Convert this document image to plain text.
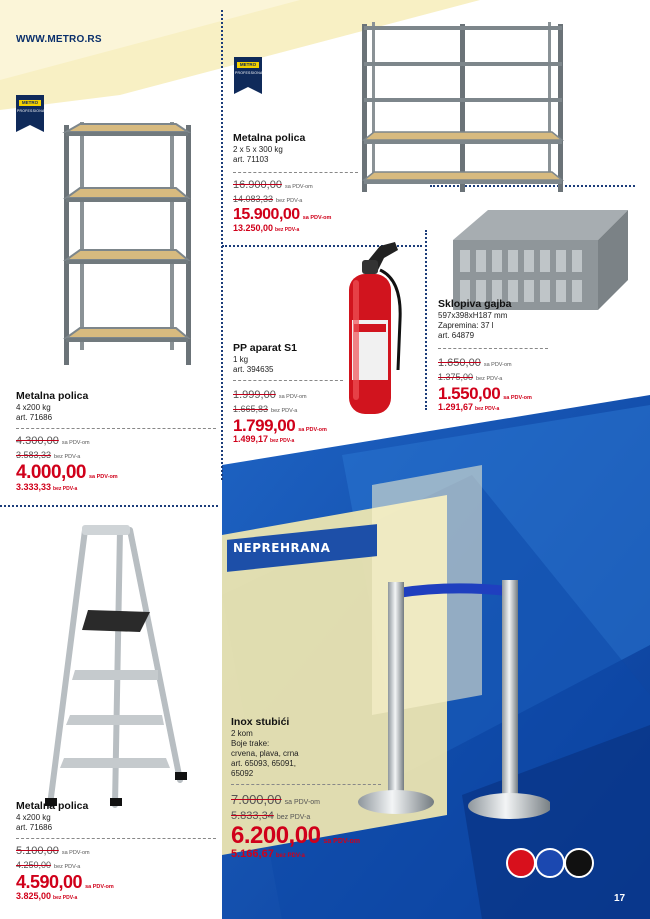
WWW.METRO.RS
METRO
PROFESSIONAL
METRO
PROFESSIONAL
NEPREHRANA
Metalna polica
4 x200 kg
art. 71686
4.300,00 sa PDV-om
3.583,33 bez PDV-a
4.000,00 sa PDV-om
3.333,33 bez PDV-a
Metalna polica
2 x 5 x 300 kg
art. 71103
16.900,00 sa PDV-om
14.083,33 bez PDV-a
15.900,00 sa PDV-om
13.250,00 bez PDV-a
PP aparat S1
1 kg
art. 394635
1.999,00 sa PDV-om
1.665,83 bez PDV-a
1.799,00 sa PDV-om
1.499,17 bez PDV-a
Sklopiva gajba
597x398xH187 mm
Zapremina: 37 l
art. 64879
1.650,00 sa PDV-om
1.375,00 bez PDV-a
1.550,00 sa PDV-om
1.291,67 bez PDV-a
Metalna polica
4 x200 kg
art. 71686
5.100,00 sa PDV-om
4.250,00 bez PDV-a
4.590,00 sa PDV-om
3.825,00 bez PDV-a
Inox stubići
2 kom
Boje trake:
crvena, plava, crna
art. 65093, 65091,
65092
7.000,00 sa PDV-om
5.833,34 bez PDV-a
6.200,00 sa PDV-om
5.166,67 bez PDV-a
17
